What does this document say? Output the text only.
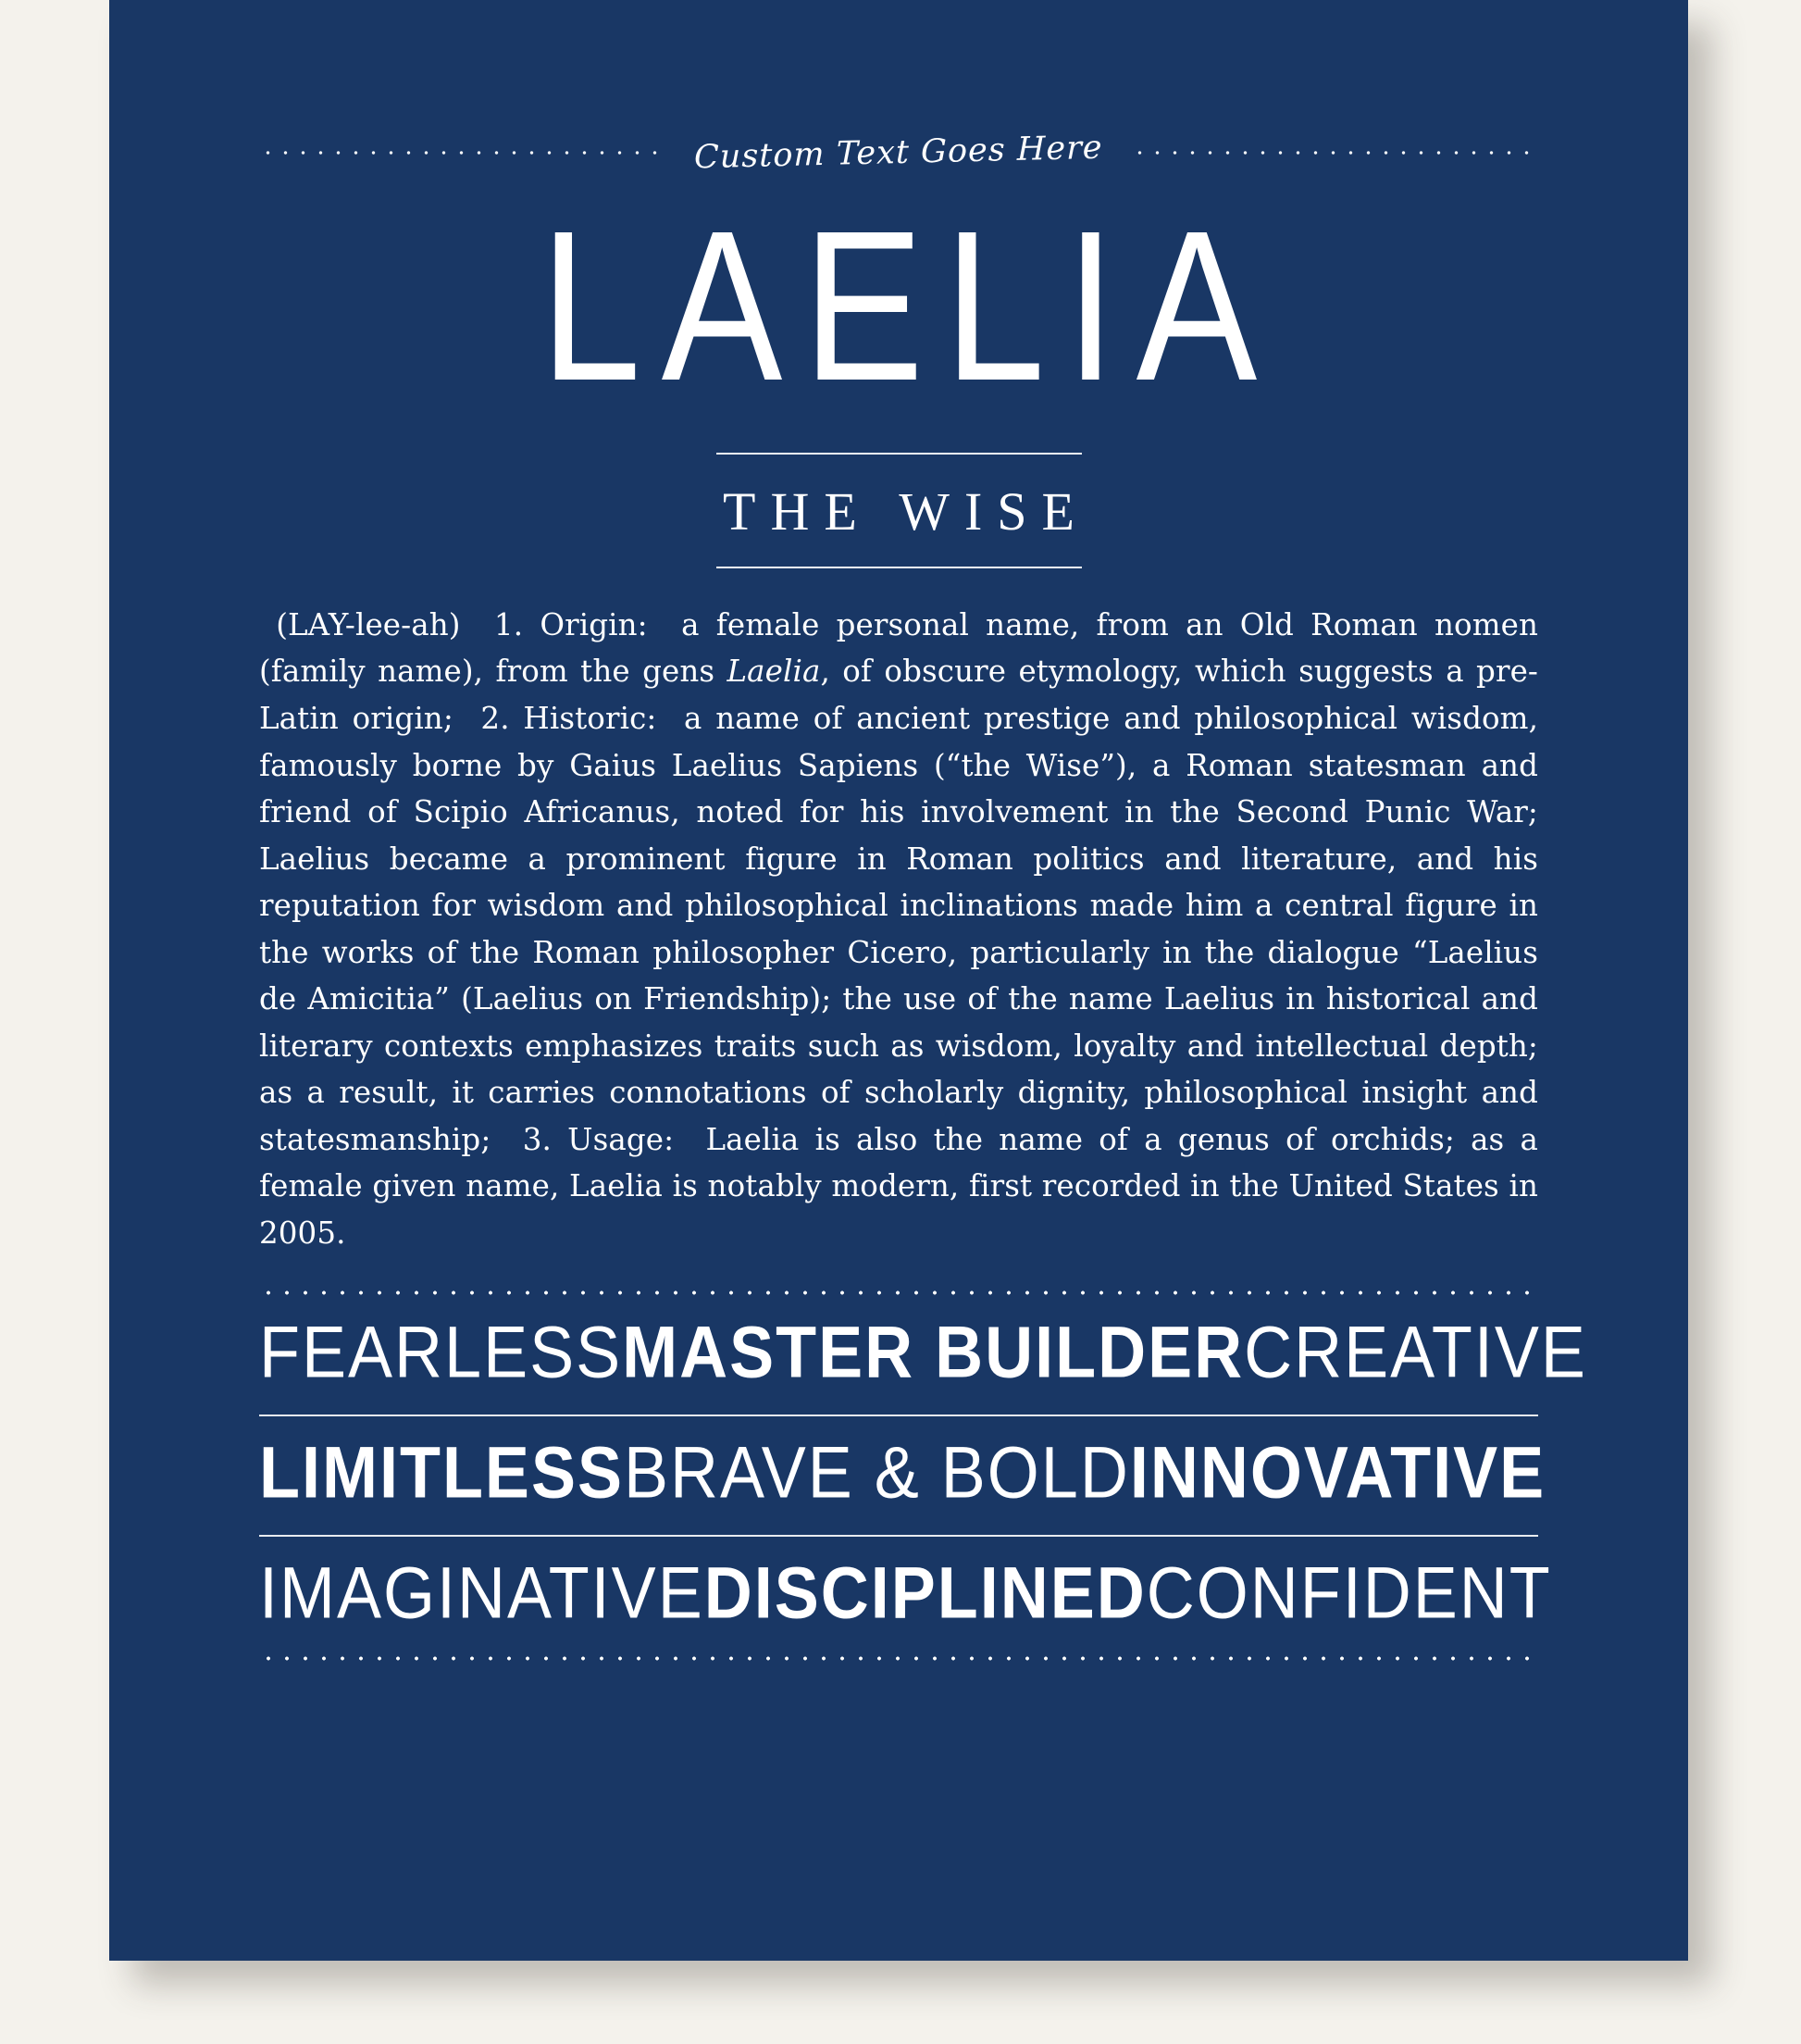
Custom Text Goes Here
LAELIA
THE WISE
(LAY-lee-ah)  1. Origin:  a female personal name, from an Old Roman nomen (family name), from the gens Laelia, of obscure etymology, which suggests a pre-Latin origin;  2. Historic:  a name of ancient prestige and philosophical wisdom, famously borne by Gaius Laelius Sapiens (“the Wise”), a Roman statesman and friend of Scipio Africanus, noted for his involvement in the Second Punic War; Laelius became a prominent figure in Roman politics and literature, and his reputation for wisdom and philosophical inclinations made him a central figure in the works of the Roman philosopher Cicero, particularly in the dialogue “Laelius de Amicitia” (Laelius on Friendship); the use of the name Laelius in historical and literary contexts emphasizes traits such as wisdom, loyalty and intellectual depth; as a result, it carries connotations of scholarly dignity, philosophical insight and statesmanship;  3. Usage:  Laelia is also the name of a genus of orchids; as a female given name, Laelia is notably modern, first recorded in the United States in 2005.
FEARLESS MASTER BUILDER CREATIVE
LIMITLESS BRAVE & BOLD INNOVATIVE
IMAGINATIVE DISCIPLINED CONFIDENT
